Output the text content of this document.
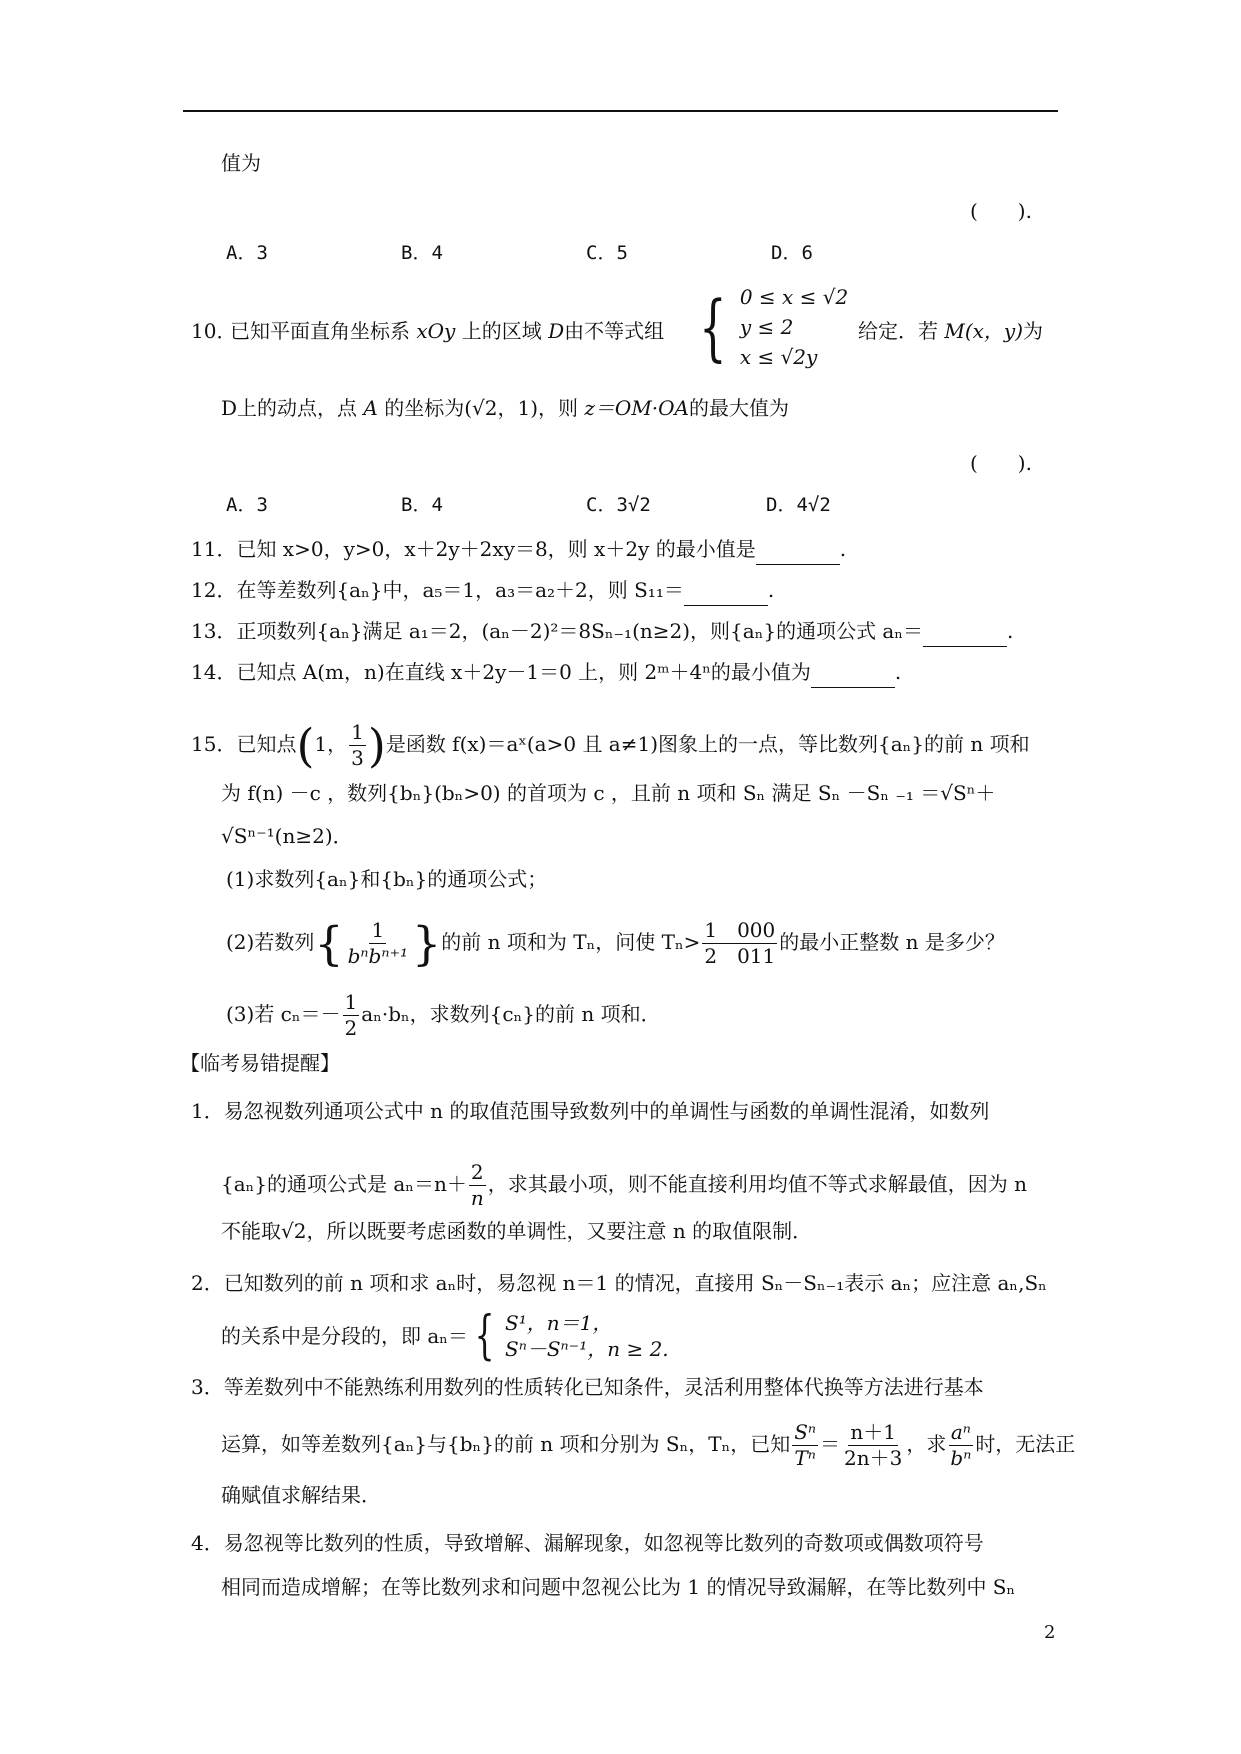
值为
(　　).
A．3	B．4	C．5	D．6
10．
已知平面直角坐标系 xOy 上的区域 D由不等式组 { 0 ≤ x ≤ √2
y ≤ 2
x ≤ √2y
给定．若 M(x，y)为
D上的动点，点 A 的坐标为(√2，1)，则 z＝OM·OA的最大值为
(　　).
A．3	B．4	C．3√2	D．4√2
11．已知 x>0，y>0，x＋2y＋2xy＝8，则 x＋2y 的最小值是	.
12．在等差数列{aₙ}中，a₅＝1，a₃＝a₂＋2，则 S₁₁＝	.
13．正项数列{aₙ}满足 a₁＝2，(aₙ－2)²＝8Sₙ₋₁(n≥2)，则{aₙ}的通项公式 aₙ＝	.
14．已知点 A(m，n)在直线 x＋2y－1＝0 上，则 2ᵐ＋4ⁿ的最小值为	.
15．已知点(1， $\frac{1}{3}$ )是函数 f(x)＝aˣ(a>0 且 a≠1)图象上的一点，等比数列{aₙ}的前 n 项和
为 f(n) －c ，数列{bₙ}(bₙ>0) 的首项为 c ，且前 n 项和 Sₙ 满足 Sₙ －Sₙ ₋₁ ＝√Sⁿ＋
√Sⁿ⁻¹(n≥2)．
(1)求数列{aₙ}和{bₙ}的通项公式；
(2)若数列{ $\frac{1}{\text{bⁿbⁿ⁺¹}}$ }的前 n 项和为 Tₙ，问使 $T_n> \frac{1 000}{2 011}$ 的最小正整数 n 是多少？
(3)若 $c_n=- \frac{1}{2} a_n\cdot b_n$，求数列{cₙ}的前 n 项和．
【临考易错提醒】
1．易忽视数列通项公式中 n 的取值范围导致数列中的单调性与函数的单调性混淆，如数列
{aₙ}的通项公式是 $a_n=n+ \frac{2}{n}$ ，求其最小项，则不能直接利用均值不等式求解最值，因为 n
不能取√2，所以既要考虑函数的单调性，又要注意 n 的取值限制．
2．已知数列的前 n 项和求 aₙ时，易忽视 n＝1 的情况，直接用 Sₙ－Sₙ₋₁表示 aₙ；应注意 aₙ,Sₙ
的关系中是分段的，即 aₙ＝ { S¹，n＝1，
Sⁿ－Sⁿ⁻¹，n ≥ 2.
3．等差数列中不能熟练利用数列的性质转化已知条件，灵活利用整体代换等方法进行基本
运算，如等差数列{aₙ}与{bₙ}的前 n 项和分别为 Sₙ，Tₙ，已知 $\frac{\text{Sⁿ}}{\text{Tⁿ}} = \frac{n+1}{2n+3}$ ，求 $\frac{\text{aⁿ}}{\text{bⁿ}}$ 时，无法正
确赋值求解结果．
4．易忽视等比数列的性质，导致增解、漏解现象，如忽视等比数列的奇数项或偶数项符号
相同而造成增解；在等比数列求和问题中忽视公比为 1 的情况导致漏解，在等比数列中 Sₙ
2
